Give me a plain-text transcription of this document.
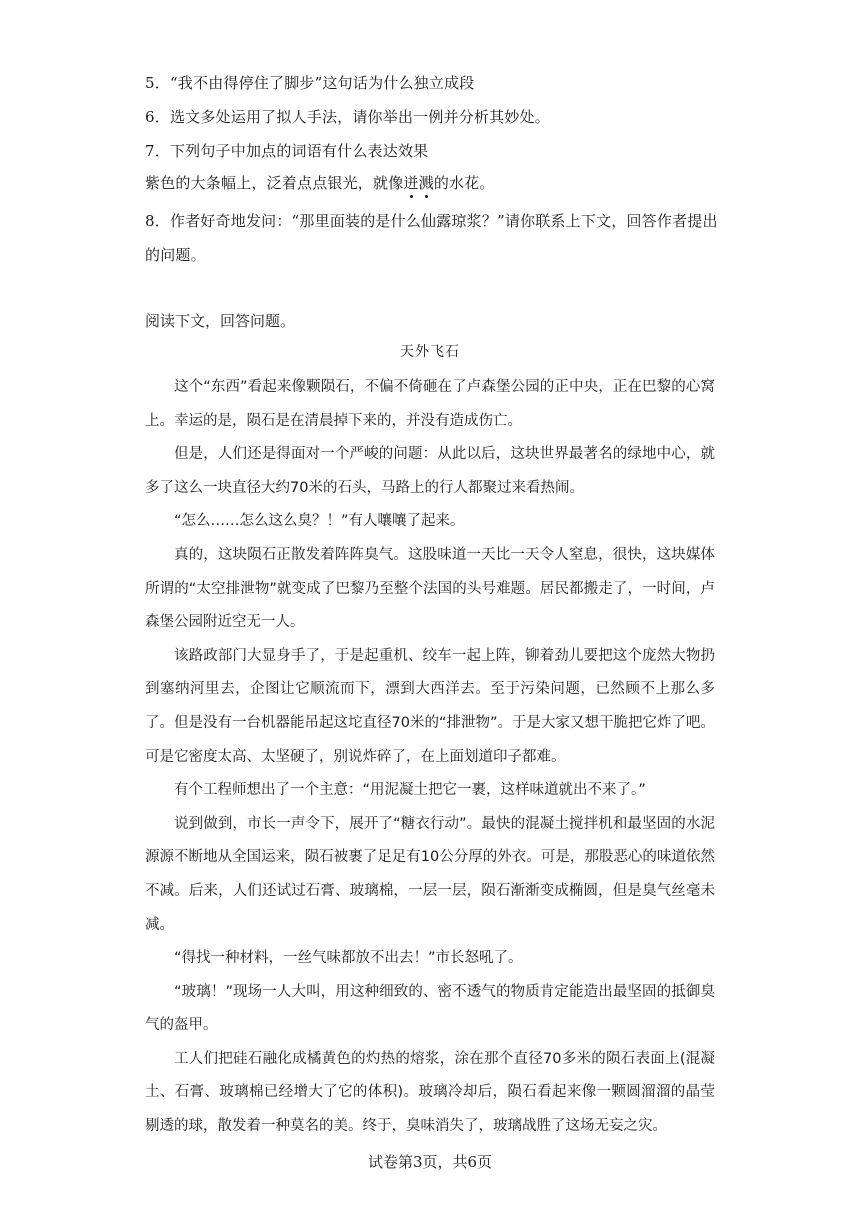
5．“我不由得停住了脚步”这句话为什么独立成段
6．选文多处运用了拟人手法，请你举出一例并分析其妙处。
7．下列句子中加点的词语有什么表达效果
紫色的大条幅上，泛着点点银光，就像迸溅的水花。
8．作者好奇地发问：“那里面装的是什么仙露琼浆？”请你联系上下文，回答作者提出的问题。
阅读下文，回答问题。
天外飞石

这个“东西”看起来像颗陨石，不偏不倚砸在了卢森堡公园的正中央，正在巴黎的心窝上。幸运的是，陨石是在清晨掉下来的，并没有造成伤亡。

但是，人们还是得面对一个严峻的问题：从此以后，这块世界最著名的绿地中心，就多了这么一块直径大约70米的石头，马路上的行人都聚过来看热闹。

“怎么……怎么这么臭？！”有人嚷嚷了起来。

真的，这块陨石正散发着阵阵臭气。这股味道一天比一天令人窒息，很快，这块媒体所谓的“太空排泄物”就变成了巴黎乃至整个法国的头号难题。居民都搬走了，一时间，卢森堡公园附近空无一人。

该路政部门大显身手了，于是起重机、绞车一起上阵，铆着劲儿要把这个庞然大物扔到塞纳河里去，企图让它顺流而下，漂到大西洋去。至于污染问题，已然顾不上那么多了。但是没有一台机器能吊起这坨直径70米的“排泄物”。于是大家又想干脆把它炸了吧。可是它密度太高、太坚硬了，别说炸碎了，在上面划道印子都难。

有个工程师想出了一个主意：“用泥凝土把它一裹，这样味道就出不来了。”

说到做到，市长一声令下，展开了“糖衣行动”。最快的混凝土搅拌机和最坚固的水泥源源不断地从全国运来，陨石被裹了足足有10公分厚的外衣。可是，那股恶心的味道依然不减。后来，人们还试过石膏、玻璃棉，一层一层，陨石渐渐变成椭圆，但是臭气丝毫未减。

“得找一种材料，一丝气味都放不出去！”市长怒吼了。

“玻璃！”现场一人大叫，用这种细致的、密不透气的物质肯定能造出最坚固的抵御臭气的盔甲。

工人们把硅石融化成橘黄色的灼热的熔浆，涂在那个直径70多米的陨石表面上(混凝土、石膏、玻璃棉已经增大了它的体积)。玻璃冷却后，陨石看起来像一颗圆溜溜的晶莹剔透的球，散发着一种莫名的美。终于，臭味消失了，玻璃战胜了这场无妄之灾。

试卷第3页，共6页
